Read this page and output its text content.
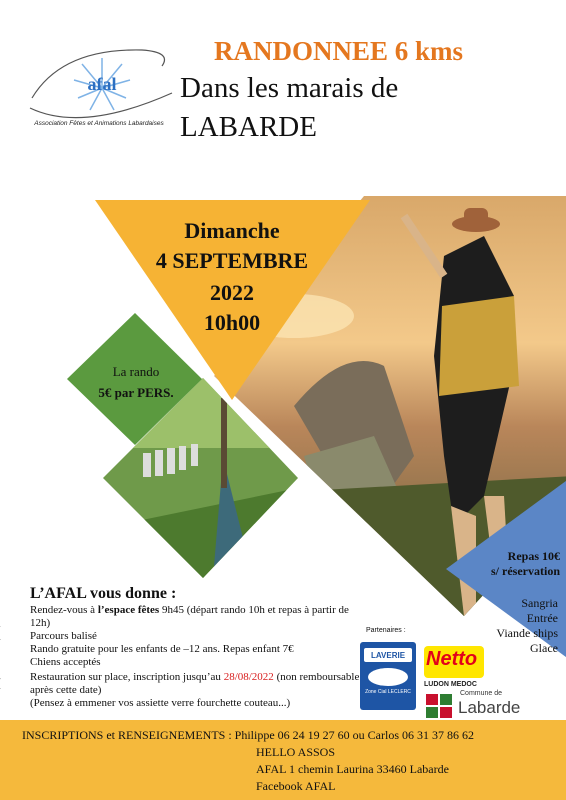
afal
Association Fêtes et Animations Labardaises
RANDONNEE 6 kms
Dans les marais de
LABARDE
Dimanche
4 SEPTEMBRE
2022
10h00
La rando
5€ par PERS.
Repas 10€
s/ réservation
Sangria
Entrée
Viande ships
Glace
L’AFAL vous donne :
Rendez-vous à l’espace fêtes 9h45 (départ rando 10h et repas à partir de 12h)
Parcours balisé
Rando gratuite pour les enfants de –12 ans. Repas enfant 7€
Chiens acceptés
Restauration sur place, inscription jusqu’au 28/08/2022 (non remboursable après cette date)
(Pensez à emmener vos assiette verre fourchette couteau...)
Partenaires :
LAVERIE
Zone Cial LECLERC
Netto
LUDON MEDOC
Commune de
Labarde
INSCRIPTIONS et RENSEIGNEMENTS : Philippe 06 24 19 27 60 ou Carlos 06 31 37 86 62
HELLO ASSOS
AFAL 1 chemin Laurina 33460 Labarde
Facebook AFAL
